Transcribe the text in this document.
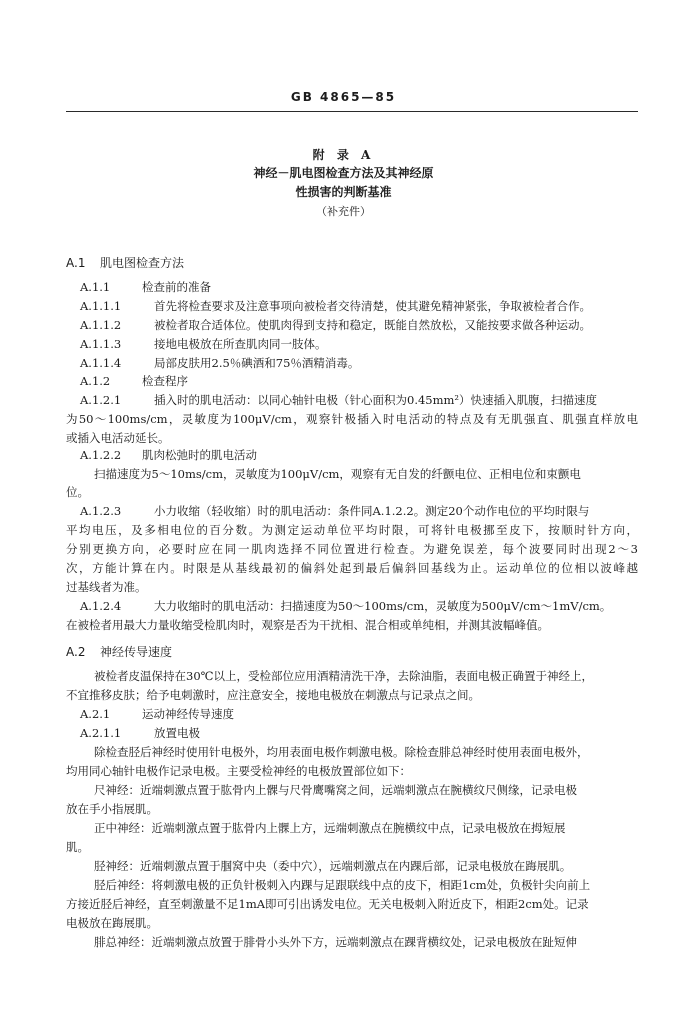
GB 4865—85
附 录 A
神经－肌电图检查方法及其神经原
性损害的判断基准
（补充件）
A.1 肌电图检查方法
A.1.1	检查前的准备
A.1.1.1	首先将检查要求及注意事项向被检者交待清楚，使其避免精神紧张，争取被检者合作。
A.1.1.2	被检者取合适体位。使肌肉得到支持和稳定，既能自然放松，又能按要求做各种运动。
A.1.1.3	接地电极放在所查肌肉同一肢体。
A.1.1.4	局部皮肤用2.5％碘酒和75％酒精消毒。
A.1.2	检查程序
A.1.2.1	插入时的肌电活动：以同心轴针电极（针心面积为0.45mm²）快速插入肌腹，扫描速度
为50～100ms/cm，灵敏度为100μV/cm，观察针极插入时电活动的特点及有无肌强直、肌强直样放电
或插入电活动延长。
A.1.2.2 肌肉松弛时的肌电活动
扫描速度为5～10ms/cm，灵敏度为100μV/cm，观察有无自发的纤颤电位、正相电位和束颤电
位。
A.1.2.3	小力收缩（轻收缩）时的肌电活动：条件同A.1.2.2。测定20个动作电位的平均时限与
平均电压，及多相电位的百分数。为测定运动单位平均时限，可将针电极挪至皮下，按顺时针方向，
分别更换方向，必要时应在同一肌肉选择不同位置进行检查。为避免误差，每个波要同时出现2～3
次，方能计算在内。时限是从基线最初的偏斜处起到最后偏斜回基线为止。运动单位的位相以波峰越
过基线者为准。
A.1.2.4	大力收缩时的肌电活动：扫描速度为50～100ms/cm，灵敏度为500μV/cm～1mV/cm。
在被检者用最大力量收缩受检肌肉时，观察是否为干扰相、混合相或单纯相，并测其波幅峰值。
A.2 神经传导速度
被检者皮温保持在30℃以上，受检部位应用酒精清洗干净，去除油脂，表面电极正确置于神经上，
不宜推移皮肤；给予电刺激时，应注意安全，接地电极放在刺激点与记录点之间。
A.2.1	运动神经传导速度
A.2.1.1	放置电极
除检查胫后神经时使用针电极外，均用表面电极作刺激电极。除检查腓总神经时使用表面电极外，
均用同心轴针电极作记录电极。主要受检神经的电极放置部位如下：
尺神经：近端刺激点置于肱骨内上髁与尺骨鹰嘴窝之间，远端刺激点在腕横纹尺侧缘，记录电极
放在手小指展肌。
正中神经：近端刺激点置于肱骨内上髁上方，远端刺激点在腕横纹中点，记录电极放在拇短展
肌。
胫神经：近端刺激点置于腘窝中央（委中穴），远端刺激点在内踝后部，记录电极放在踇展肌。
胫后神经：将刺激电极的正负针极刺入内踝与足跟联线中点的皮下，相距1cm处，负极针尖向前上
方接近胫后神经，直至刺激量不足1mA即可引出诱发电位。无关电极刺入附近皮下，相距2cm处。记录
电极放在踇展肌。
腓总神经：近端刺激点放置于腓骨小头外下方，远端刺激点在踝背横纹处，记录电极放在趾短伸
